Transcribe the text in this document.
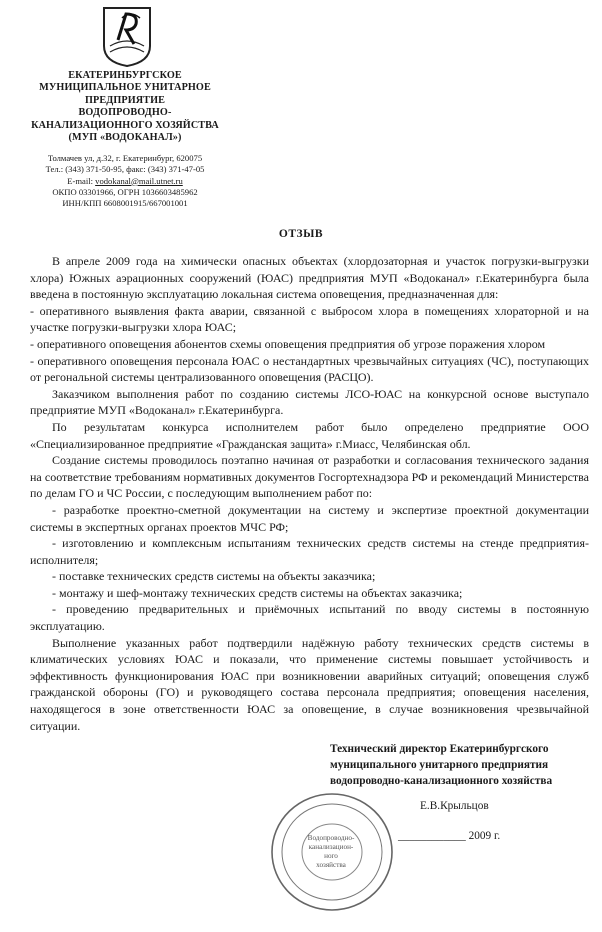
ЕКАТЕРИНБУРГСКОЕ
МУНИЦИПАЛЬНОЕ УНИТАРНОЕ
ПРЕДПРИЯТИЕ
ВОДОПРОВОДНО-
КАНАЛИЗАЦИОННОГО ХОЗЯЙСТВА
(МУП «ВОДОКАНАЛ»)
Толмачев ул, д.32, г. Екатеринбург, 620075
Тел.: (343) 371-50-95, факс: (343) 371-47-05
E-mail: vodokanal@mail.utnet.ru
ОКПО 03301966, ОГРН 1036603485962
ИНН/КПП 6608001915/667001001
ОТЗЫВ

В апреле 2009 года на химически опасных объектах (хлордозаторная и участок погрузки-выгрузки хлора) Южных аэрационных сооружений (ЮАС) предприятия МУП «Водоканал» г.Екатеринбурга была введена в постоянную эксплуатацию локальная система оповещения, предназначенная для:

- оперативного выявления факта аварии, связанной с выбросом хлора в помещениях хлораторной и на участке погрузки-выгрузки хлора ЮАС;

- оперативного оповещения абонентов схемы оповещения предприятия об угрозе поражения хлором

- оперативного оповещения персонала ЮАС о нестандартных чрезвычайных ситуациях (ЧС), поступающих от регональной системы централизованного оповещения (РАСЦО).

Заказчиком выполнения работ по созданию системы ЛСО-ЮАС на конкурсной основе выступало предприятие МУП «Водоканал» г.Екатеринбурга.

По результатам конкурса исполнителем работ было определено предприятие ООО «Специализированное предприятие «Гражданская защита» г.Миасс, Челябинская обл.

Создание системы проводилось поэтапно начиная от разработки и согласования технического задания на соответствие требованиям нормативных документов Госгортехнадзора РФ и рекомендаций Министерства по делам ГО и ЧС России, с последующим выполнением работ по:

- разработке проектно-сметной документации на систему и экспертизе проектной документации системы в экспертных органах проектов МЧС РФ;

- изготовлению и комплексным испытаниям технических средств системы на стенде предприятия-исполнителя;

- поставке технических средств системы на объекты заказчика;

- монтажу и шеф-монтажу технических средств системы на объектах заказчика;

- проведению предварительных и приёмочных испытаний по вводу системы в постоянную эксплуатацию.

Выполнение указанных работ подтвердили надёжную работу технических средств системы в климатических условиях ЮАС и показали, что применение системы повышает устойчивость и эффективность функционирования ЮАС при возникновении аварийных ситуаций; оповещения служб гражданской обороны (ГО) и руководящего состава персонала предприятия; оповещения населения, находящегося в зоне ответственности ЮАС за оповещение, в случае возникновения чрезвычайной ситуации.

Водопроводно-
канализацион-
ного
хозяйства
Технический директор Екатеринбургского
муниципального унитарного предприятия
водопроводно-канализационного хозяйства
Е.В.Крыльцов
____________ 2009 г.
